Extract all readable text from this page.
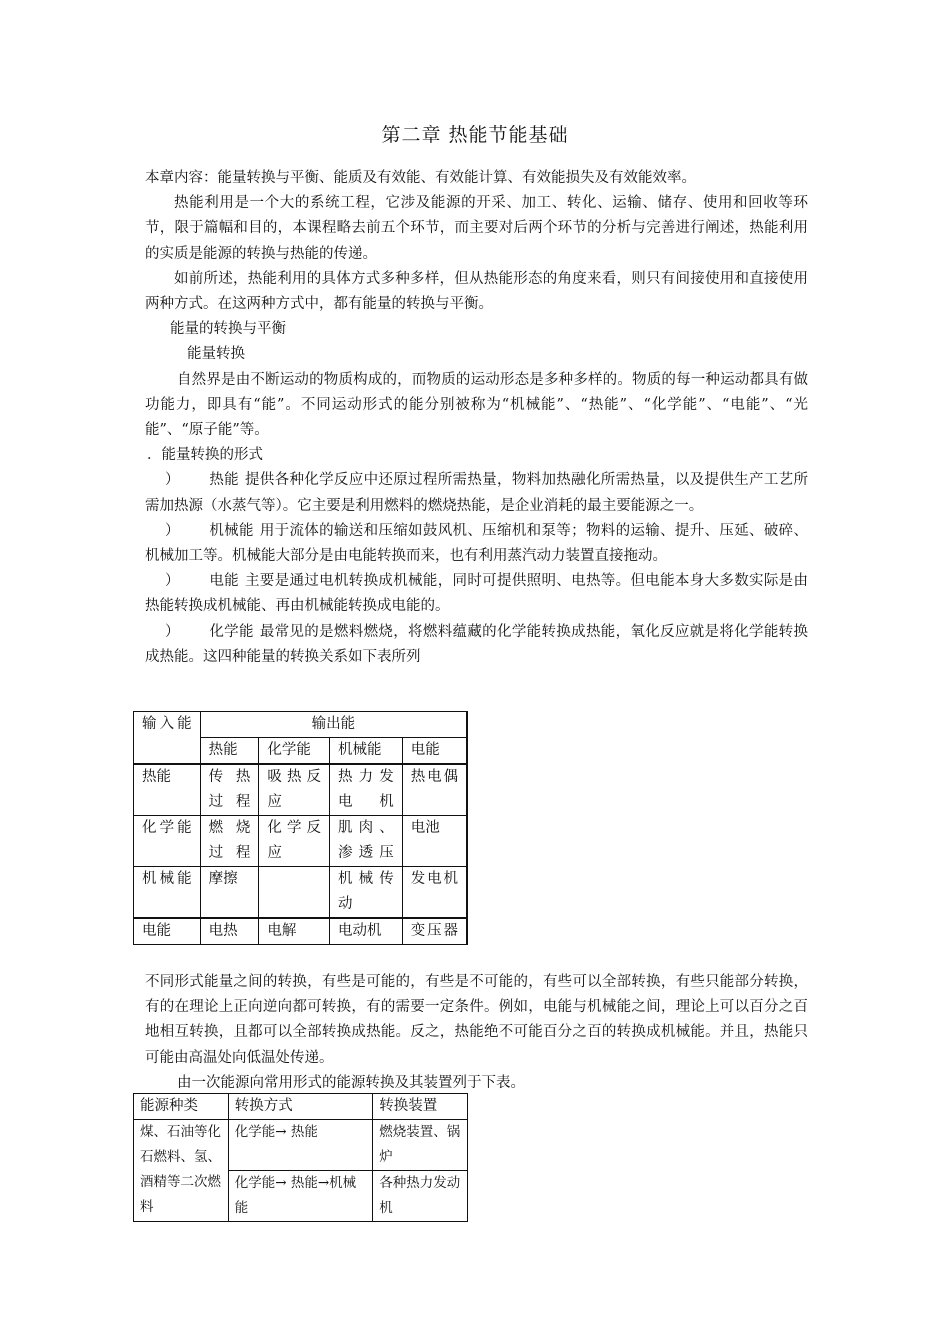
第二章 热能节能基础

本章内容：能量转换与平衡、能质及有效能、有效能计算、有效能损失及有效能效率。

热能利用是一个大的系统工程，它涉及能源的开采、加工、转化、运输、储存、使用和回收等环节，限于篇幅和目的，本课程略去前五个环节，而主要对后两个环节的分析与完善进行阐述，热能利用的实质是能源的转换与热能的传递。

如前所述，热能利用的具体方式多种多样，但从热能形态的角度来看，则只有间接使用和直接使用两种方式。在这两种方式中，都有能量的转换与平衡。

能量的转换与平衡

能量转换

自然界是由不断运动的物质构成的，而物质的运动形态是多种多样的。物质的每一种运动都具有做功能力，即具有“能”。不同运动形式的能分别被称为“机械能”、“热能”、“化学能”、“电能”、“光能”、“原子能”等。

．能量转换的形式

） 热能 提供各种化学反应中还原过程所需热量，物料加热融化所需热量，以及提供生产工艺所需加热源（水蒸气等）。它主要是利用燃料的燃烧热能，是企业消耗的最主要能源之一。

） 机械能 用于流体的输送和压缩如鼓风机、压缩机和泵等；物料的运输、提升、压延、破碎、机械加工等。机械能大部分是由电能转换而来，也有利用蒸汽动力装置直接拖动。

） 电能 主要是通过电机转换成机械能，同时可提供照明、电热等。但电能本身大多数实际是由热能转换成机械能、再由机械能转换成电能的。

） 化学能 最常见的是燃料燃烧，将燃料蕴藏的化学能转换成热能，氧化反应就是将化学能转换成热能。这四种能量的转换关系如下表所列

输入能	输出能			
	热能	化学能	机械能	电能
热能	传热过程	吸热反应	热力发电机	热电偶
化学能	燃烧过程	化学反应	肌肉、渗透压	电池
机械能	摩擦		机械传动	发电机
电能	电热	电解	电动机	变压器

不同形式能量之间的转换，有些是可能的，有些是不可能的，有些可以全部转换，有些只能部分转换，有的在理论上正向逆向都可转换，有的需要一定条件。例如，电能与机械能之间，理论上可以百分之百地相互转换，且都可以全部转换成热能。反之，热能绝不可能百分之百的转换成机械能。并且，热能只可能由高温处向低温处传递。

由一次能源向常用形式的能源转换及其装置列于下表。

能源种类	转换方式	转换装置
煤、石油等化石燃料、氢、酒精等二次燃料	化学能→ 热能	燃烧装置、锅炉
	化学能→ 热能→机械能	各种热力发动机
